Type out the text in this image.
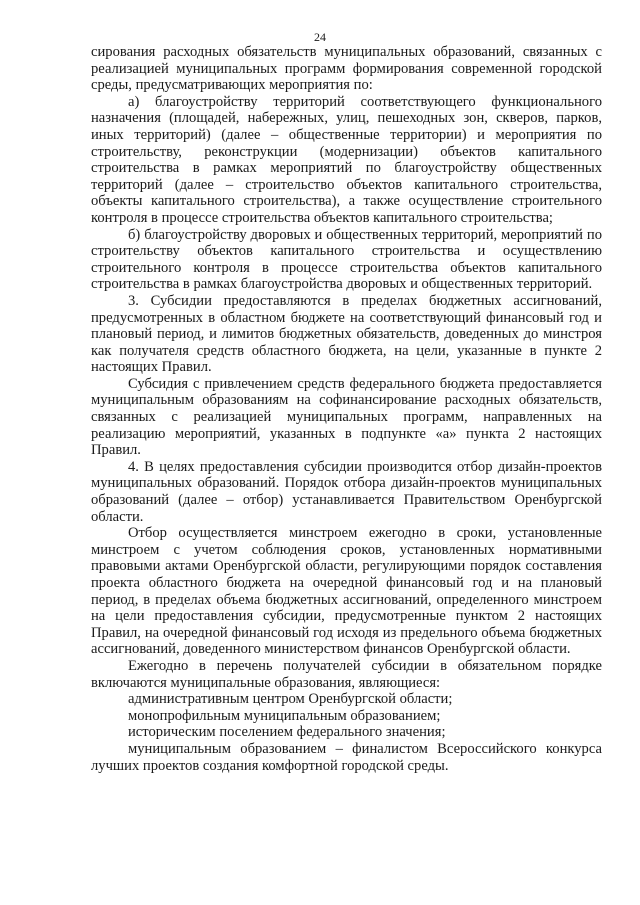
24

сирования расходных обязательств муниципальных образований, связанных с реализацией муниципальных программ формирования современной городской среды, предусматривающих мероприятия по:

а) благоустройству территорий соответствующего функционального назначения (площадей, набережных, улиц, пешеходных зон, скверов, парков, иных территорий) (далее – общественные территории) и мероприятия по строительству, реконструкции (модернизации) объектов капитального строительства в рамках мероприятий по благоустройству общественных территорий (далее – строительство объектов капитального строительства, объекты капитального строительства), а также осуществление строительного контроля в процессе строительства объектов капитального строительства;

б) благоустройству дворовых и общественных территорий, мероприятий по строительству объектов капитального строительства и осуществлению строительного контроля в процессе строительства объектов капитального строительства в рамках благоустройства дворовых и общественных территорий.

3. Субсидии предоставляются в пределах бюджетных ассигнований, предусмотренных в областном бюджете на соответствующий финансовый год и плановый период, и лимитов бюджетных обязательств, доведенных до минстроя как получателя средств областного бюджета, на цели, указанные в пункте 2 настоящих Правил.

Субсидия с привлечением средств федерального бюджета предоставляется муниципальным образованиям на софинансирование расходных обязательств, связанных с реализацией муниципальных программ, направленных на реализацию мероприятий, указанных в подпункте «а» пункта 2 настоящих Правил.

4. В целях предоставления субсидии производится отбор дизайн-проектов муниципальных образований. Порядок отбора дизайн-проектов муниципальных образований (далее – отбор) устанавливается Правительством Оренбургской области.

Отбор осуществляется минстроем ежегодно в сроки, установленные минстроем с учетом соблюдения сроков, установленных нормативными правовыми актами Оренбургской области, регулирующими порядок составления проекта областного бюджета на очередной финансовый год и на плановый период, в пределах объема бюджетных ассигнований, определенного минстроем на цели предоставления субсидии, предусмотренные пунктом 2 настоящих Правил, на очередной финансовый год исходя из предельного объема бюджетных ассигнований, доведенного министерством финансов Оренбургской области.

Ежегодно в перечень получателей субсидии в обязательном порядке включаются муниципальные образования, являющиеся:

административным центром Оренбургской области;

монопрофильным муниципальным образованием;

историческим поселением федерального значения;

муниципальным образованием – финалистом Всероссийского конкурса лучших проектов создания комфортной городской среды.
